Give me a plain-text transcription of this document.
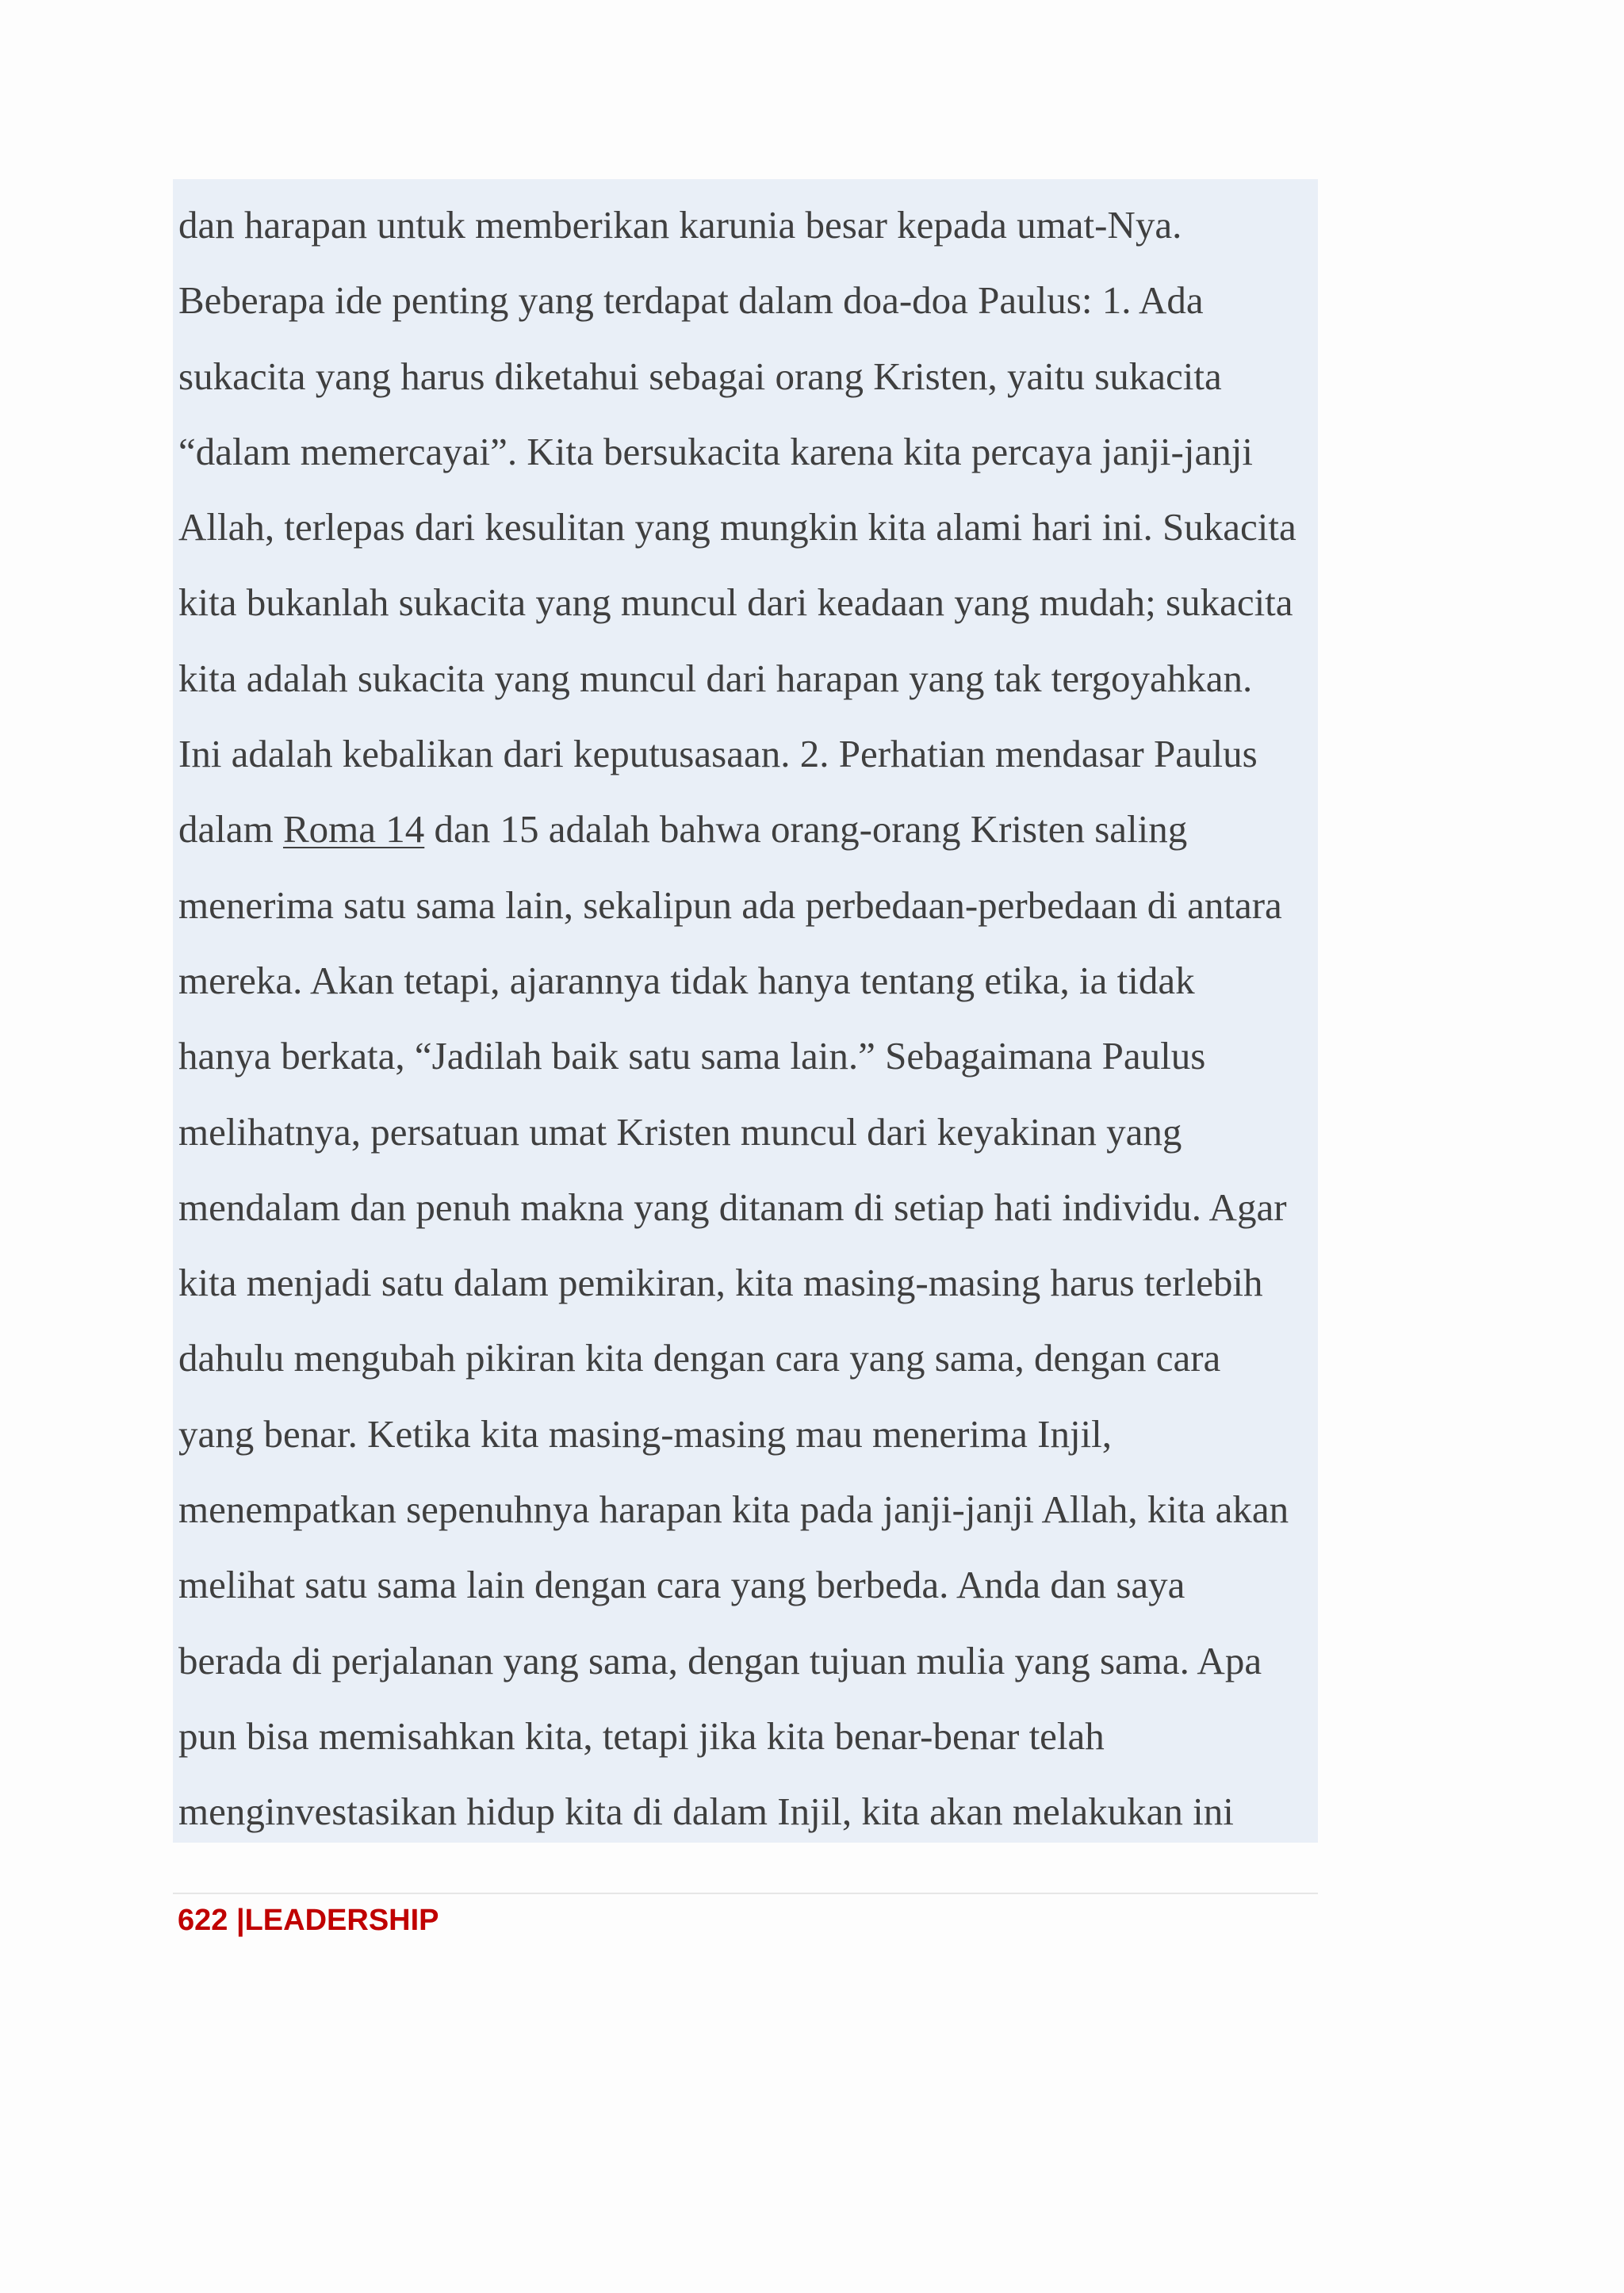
dan harapan untuk memberikan karunia besar kepada umat-Nya.
Beberapa ide penting yang terdapat dalam doa-doa Paulus: 1. Ada
sukacita yang harus diketahui sebagai orang Kristen, yaitu sukacita
“dalam memercayai”. Kita bersukacita karena kita percaya janji-janji
Allah, terlepas dari kesulitan yang mungkin kita alami hari ini. Sukacita
kita bukanlah sukacita yang muncul dari keadaan yang mudah; sukacita
kita adalah sukacita yang muncul dari harapan yang tak tergoyahkan.
Ini adalah kebalikan dari keputusasaan. 2. Perhatian mendasar Paulus
dalam Roma 14 dan 15 adalah bahwa orang-orang Kristen saling
menerima satu sama lain, sekalipun ada perbedaan-perbedaan di antara
mereka. Akan tetapi, ajarannya tidak hanya tentang etika, ia tidak
hanya berkata, “Jadilah baik satu sama lain.” Sebagaimana Paulus
melihatnya, persatuan umat Kristen muncul dari keyakinan yang
mendalam dan penuh makna yang ditanam di setiap hati individu. Agar
kita menjadi satu dalam pemikiran, kita masing-masing harus terlebih
dahulu mengubah pikiran kita dengan cara yang sama, dengan cara
yang benar. Ketika kita masing-masing mau menerima Injil,
menempatkan sepenuhnya harapan kita pada janji-janji Allah, kita akan
melihat satu sama lain dengan cara yang berbeda. Anda dan saya
berada di perjalanan yang sama, dengan tujuan mulia yang sama. Apa
pun bisa memisahkan kita, tetapi jika kita benar-benar telah
menginvestasikan hidup kita di dalam Injil, kita akan melakukan ini
622 |LEADERSHIP
